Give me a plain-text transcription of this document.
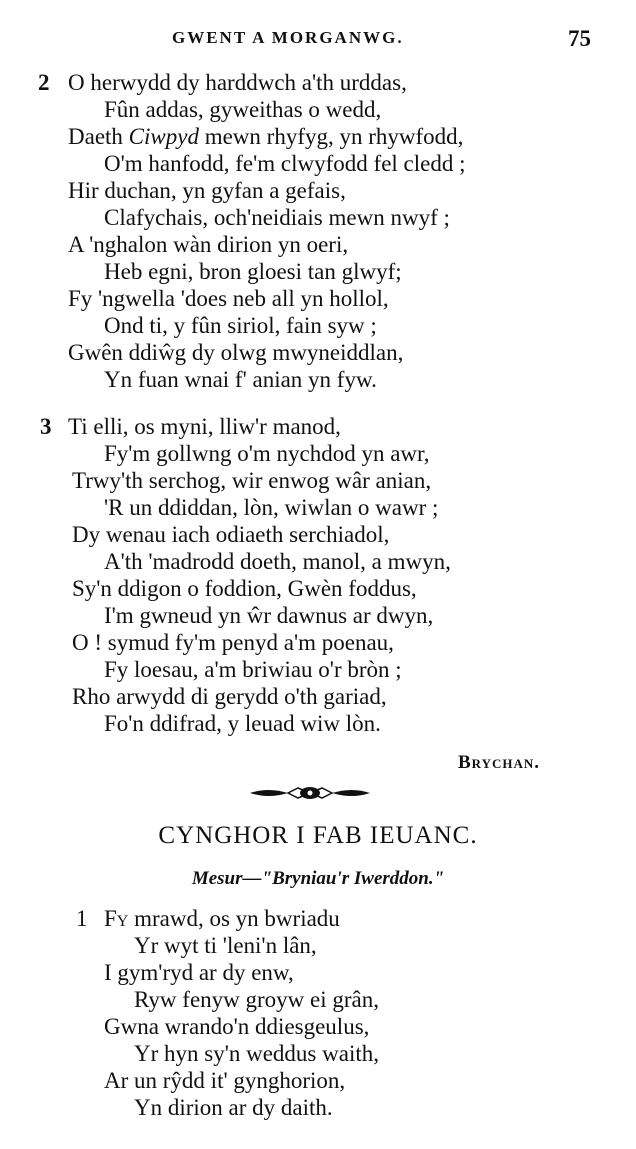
GWENT A MORGANWG.	75
2 O herwydd dy harddwch a'th urddas,
Fûn addas, gyweithas o wedd,
Daeth Ciwpyd mewn rhyfyg, yn rhywfodd,
O'm hanfodd, fe'm clwyfodd fel cledd ;
Hir duchan, yn gyfan a gefais,
Clafychais, och'neidiais mewn nwyf ;
A 'nghalon wàn dirion yn oeri,
Heb egni, bron gloesi tan glwyf;
Fy 'ngwella 'does neb all yn hollol,
Ond ti, y fûn siriol, fain syw ;
Gwên ddiŵg dy olwg mwyneiddlan,
Yn fuan wnai f' anian yn fyw.
3 Ti elli, os myni, lliw'r manod,
Fy'm gollwng o'm nychdod yn awr,
Trwy'th serchog, wir enwog wâr anian,
'R un ddiddan, lòn, wiwlan o wawr ;
Dy wenau iach odiaeth serchiadol,
A'th 'madrodd doeth, manol, a mwyn,
Sy'n ddigon o foddion, Gwèn foddus,
I'm gwneud yn ŵr dawnus ar dwyn,
O ! symud fy'm penyd a'm poenau,
Fy loesau, a'm briwiau o'r bròn ;
Rho arwydd di gerydd o'th gariad,
Fo'n ddifrad, y leuad wiw lòn.
Brychan.
CYNGHOR I FAB IEUANC.
Mesur—"Bryniau'r Iwerddon."
1 Fy mrawd, os yn bwriadu
Yr wyt ti 'leni'n lân,
I gym'ryd ar dy enw,
Ryw fenyw groyw ei grân,
Gwna wrando'n ddiesgeulus,
Yr hyn sy'n weddus waith,
Ar un rŷdd it' gynghorion,
Yn dirion ar dy daith.
